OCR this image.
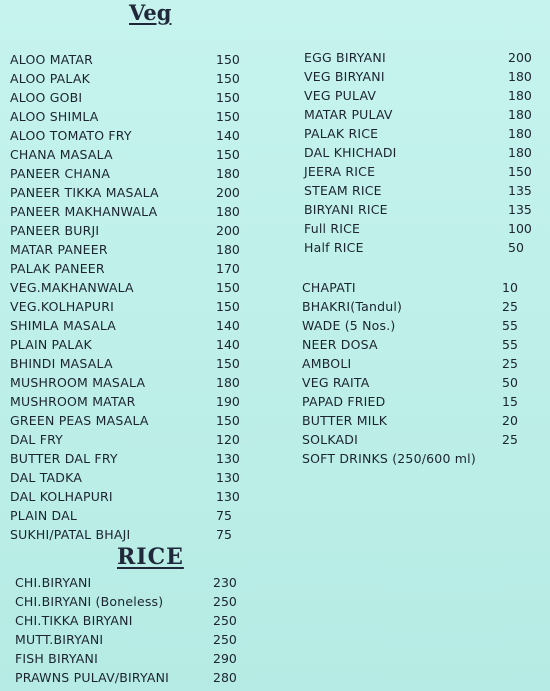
Veg
ALOO MATAR	150
ALOO PALAK	150
ALOO GOBI	150
ALOO SHIMLA	150
ALOO TOMATO FRY	140
CHANA MASALA	150
PANEER CHANA	180
PANEER TIKKA MASALA	200
PANEER MAKHANWALA	180
PANEER BURJI	200
MATAR PANEER	180
PALAK PANEER	170
VEG.MAKHANWALA	150
VEG.KOLHAPURI	150
SHIMLA MASALA	140
PLAIN PALAK	140
BHINDI MASALA	150
MUSHROOM MASALA	180
MUSHROOM MATAR	190
GREEN PEAS MASALA	150
DAL FRY	120
BUTTER DAL FRY	130
DAL TADKA	130
DAL KOLHAPURI	130
PLAIN DAL	75
SUKHI/PATAL BHAJI	75
EGG BIRYANI	200
VEG BIRYANI	180
VEG PULAV	180
MATAR PULAV	180
PALAK RICE	180
DAL KHICHADI	180
JEERA RICE	150
STEAM RICE	135
BIRYANI RICE	135
Full RICE	100
Half RICE	50
CHAPATI	10
BHAKRI(Tandul)	25
WADE (5 Nos.)	55
NEER DOSA	55
AMBOLI	25
VEG RAITA	50
PAPAD FRIED	15
BUTTER MILK	20
SOLKADI	25
SOFT DRINKS (250/600 ml)
RICE
CHI.BIRYANI	230
CHI.BIRYANI (Boneless)	250
CHI.TIKKA BIRYANI	250
MUTT.BIRYANI	250
FISH BIRYANI	290
PRAWNS PULAV/BIRYANI	280
